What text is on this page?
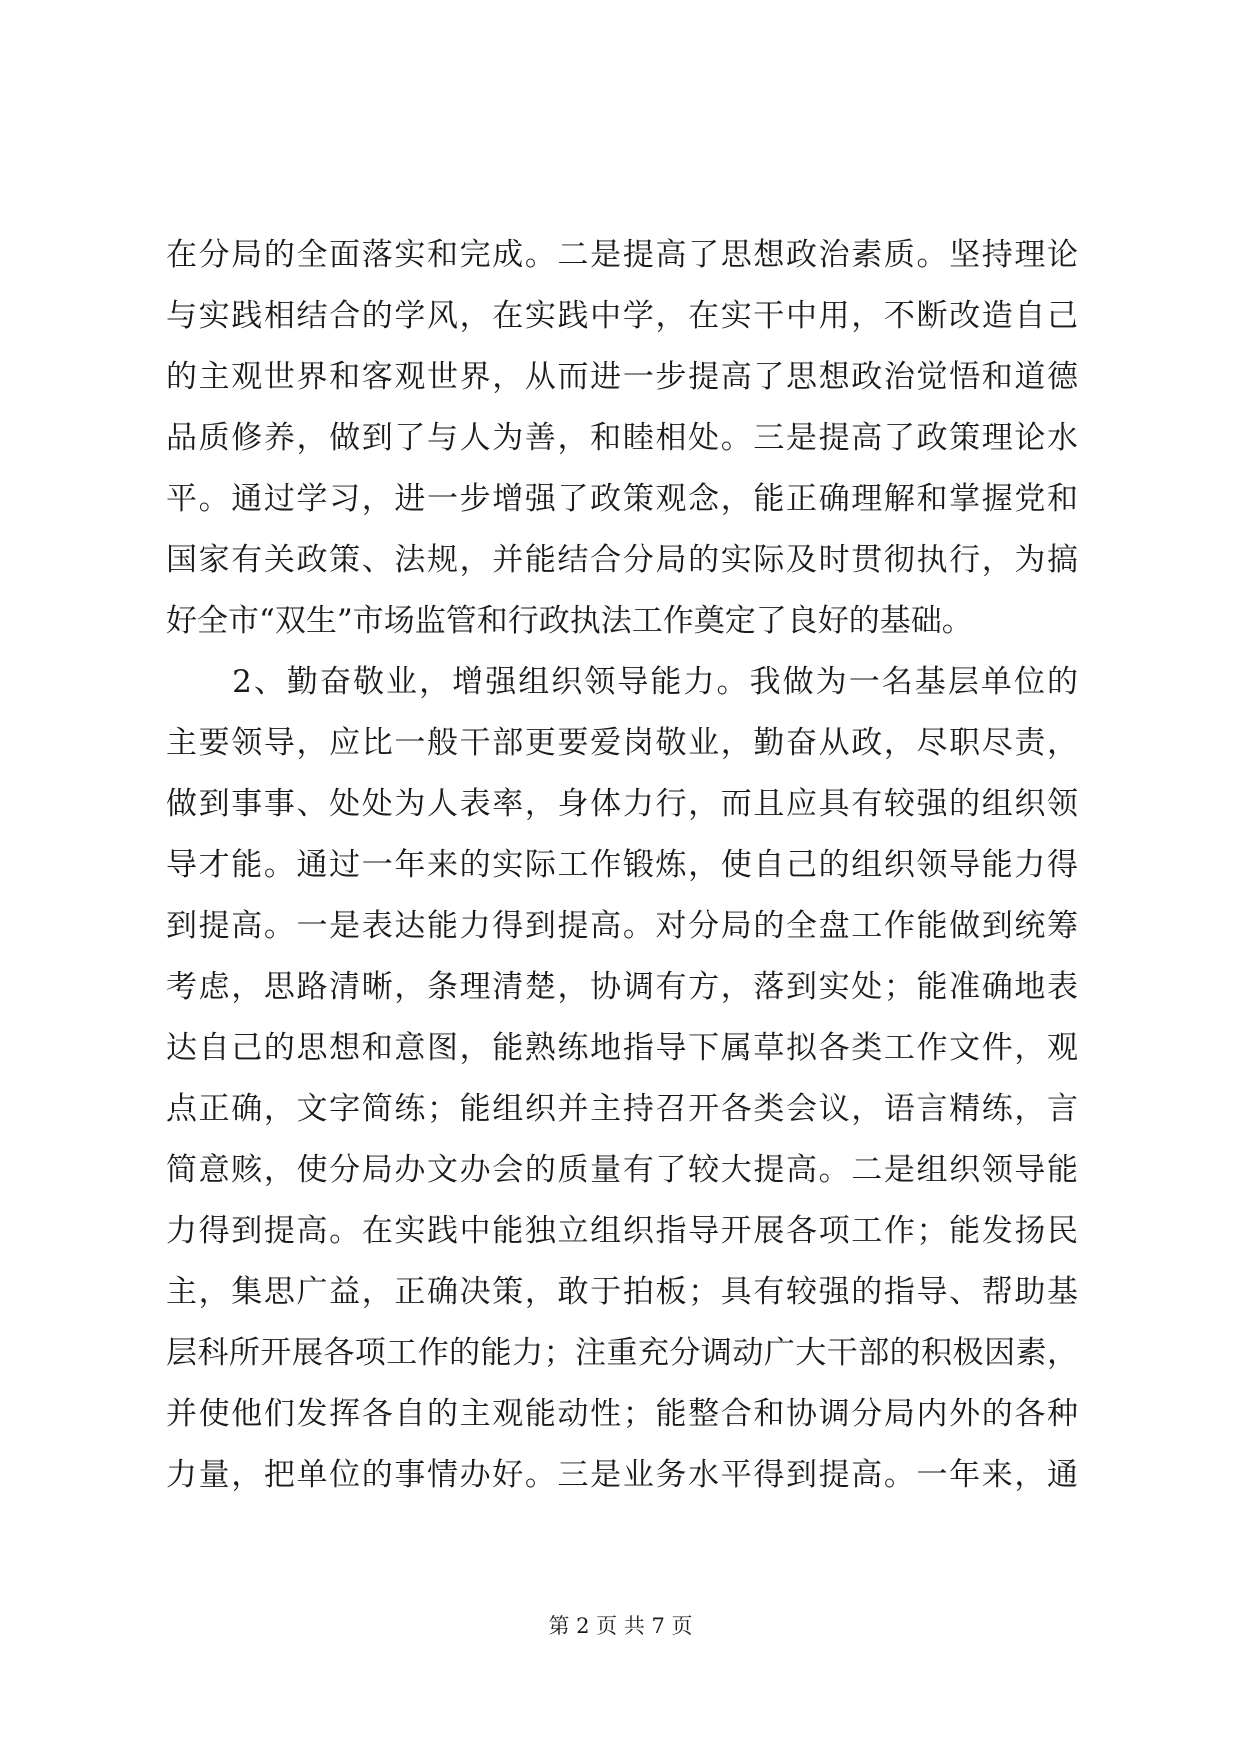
在分局的全面落实和完成。二是提高了思想政治素质。坚持理论
与实践相结合的学风，在实践中学，在实干中用，不断改造自己
的主观世界和客观世界，从而进一步提高了思想政治觉悟和道德
品质修养，做到了与人为善，和睦相处。三是提高了政策理论水
平。通过学习，进一步增强了政策观念，能正确理解和掌握党和
国家有关政策、法规，并能结合分局的实际及时贯彻执行，为搞
好全市“双生”市场监管和行政执法工作奠定了良好的基础。
　　2、勤奋敬业，增强组织领导能力。我做为一名基层单位的
主要领导，应比一般干部更要爱岗敬业，勤奋从政，尽职尽责，
做到事事、处处为人表率，身体力行，而且应具有较强的组织领
导才能。通过一年来的实际工作锻炼，使自己的组织领导能力得
到提高。一是表达能力得到提高。对分局的全盘工作能做到统筹
考虑，思路清晰，条理清楚，协调有方，落到实处；能准确地表
达自己的思想和意图，能熟练地指导下属草拟各类工作文件，观
点正确，文字简练；能组织并主持召开各类会议，语言精练，言
简意赅，使分局办文办会的质量有了较大提高。二是组织领导能
力得到提高。在实践中能独立组织指导开展各项工作；能发扬民
主，集思广益，正确决策，敢于拍板；具有较强的指导、帮助基
层科所开展各项工作的能力；注重充分调动广大干部的积极因素，
并使他们发挥各自的主观能动性；能整合和协调分局内外的各种
力量，把单位的事情办好。三是业务水平得到提高。一年来，通
第 2 页 共 7 页
